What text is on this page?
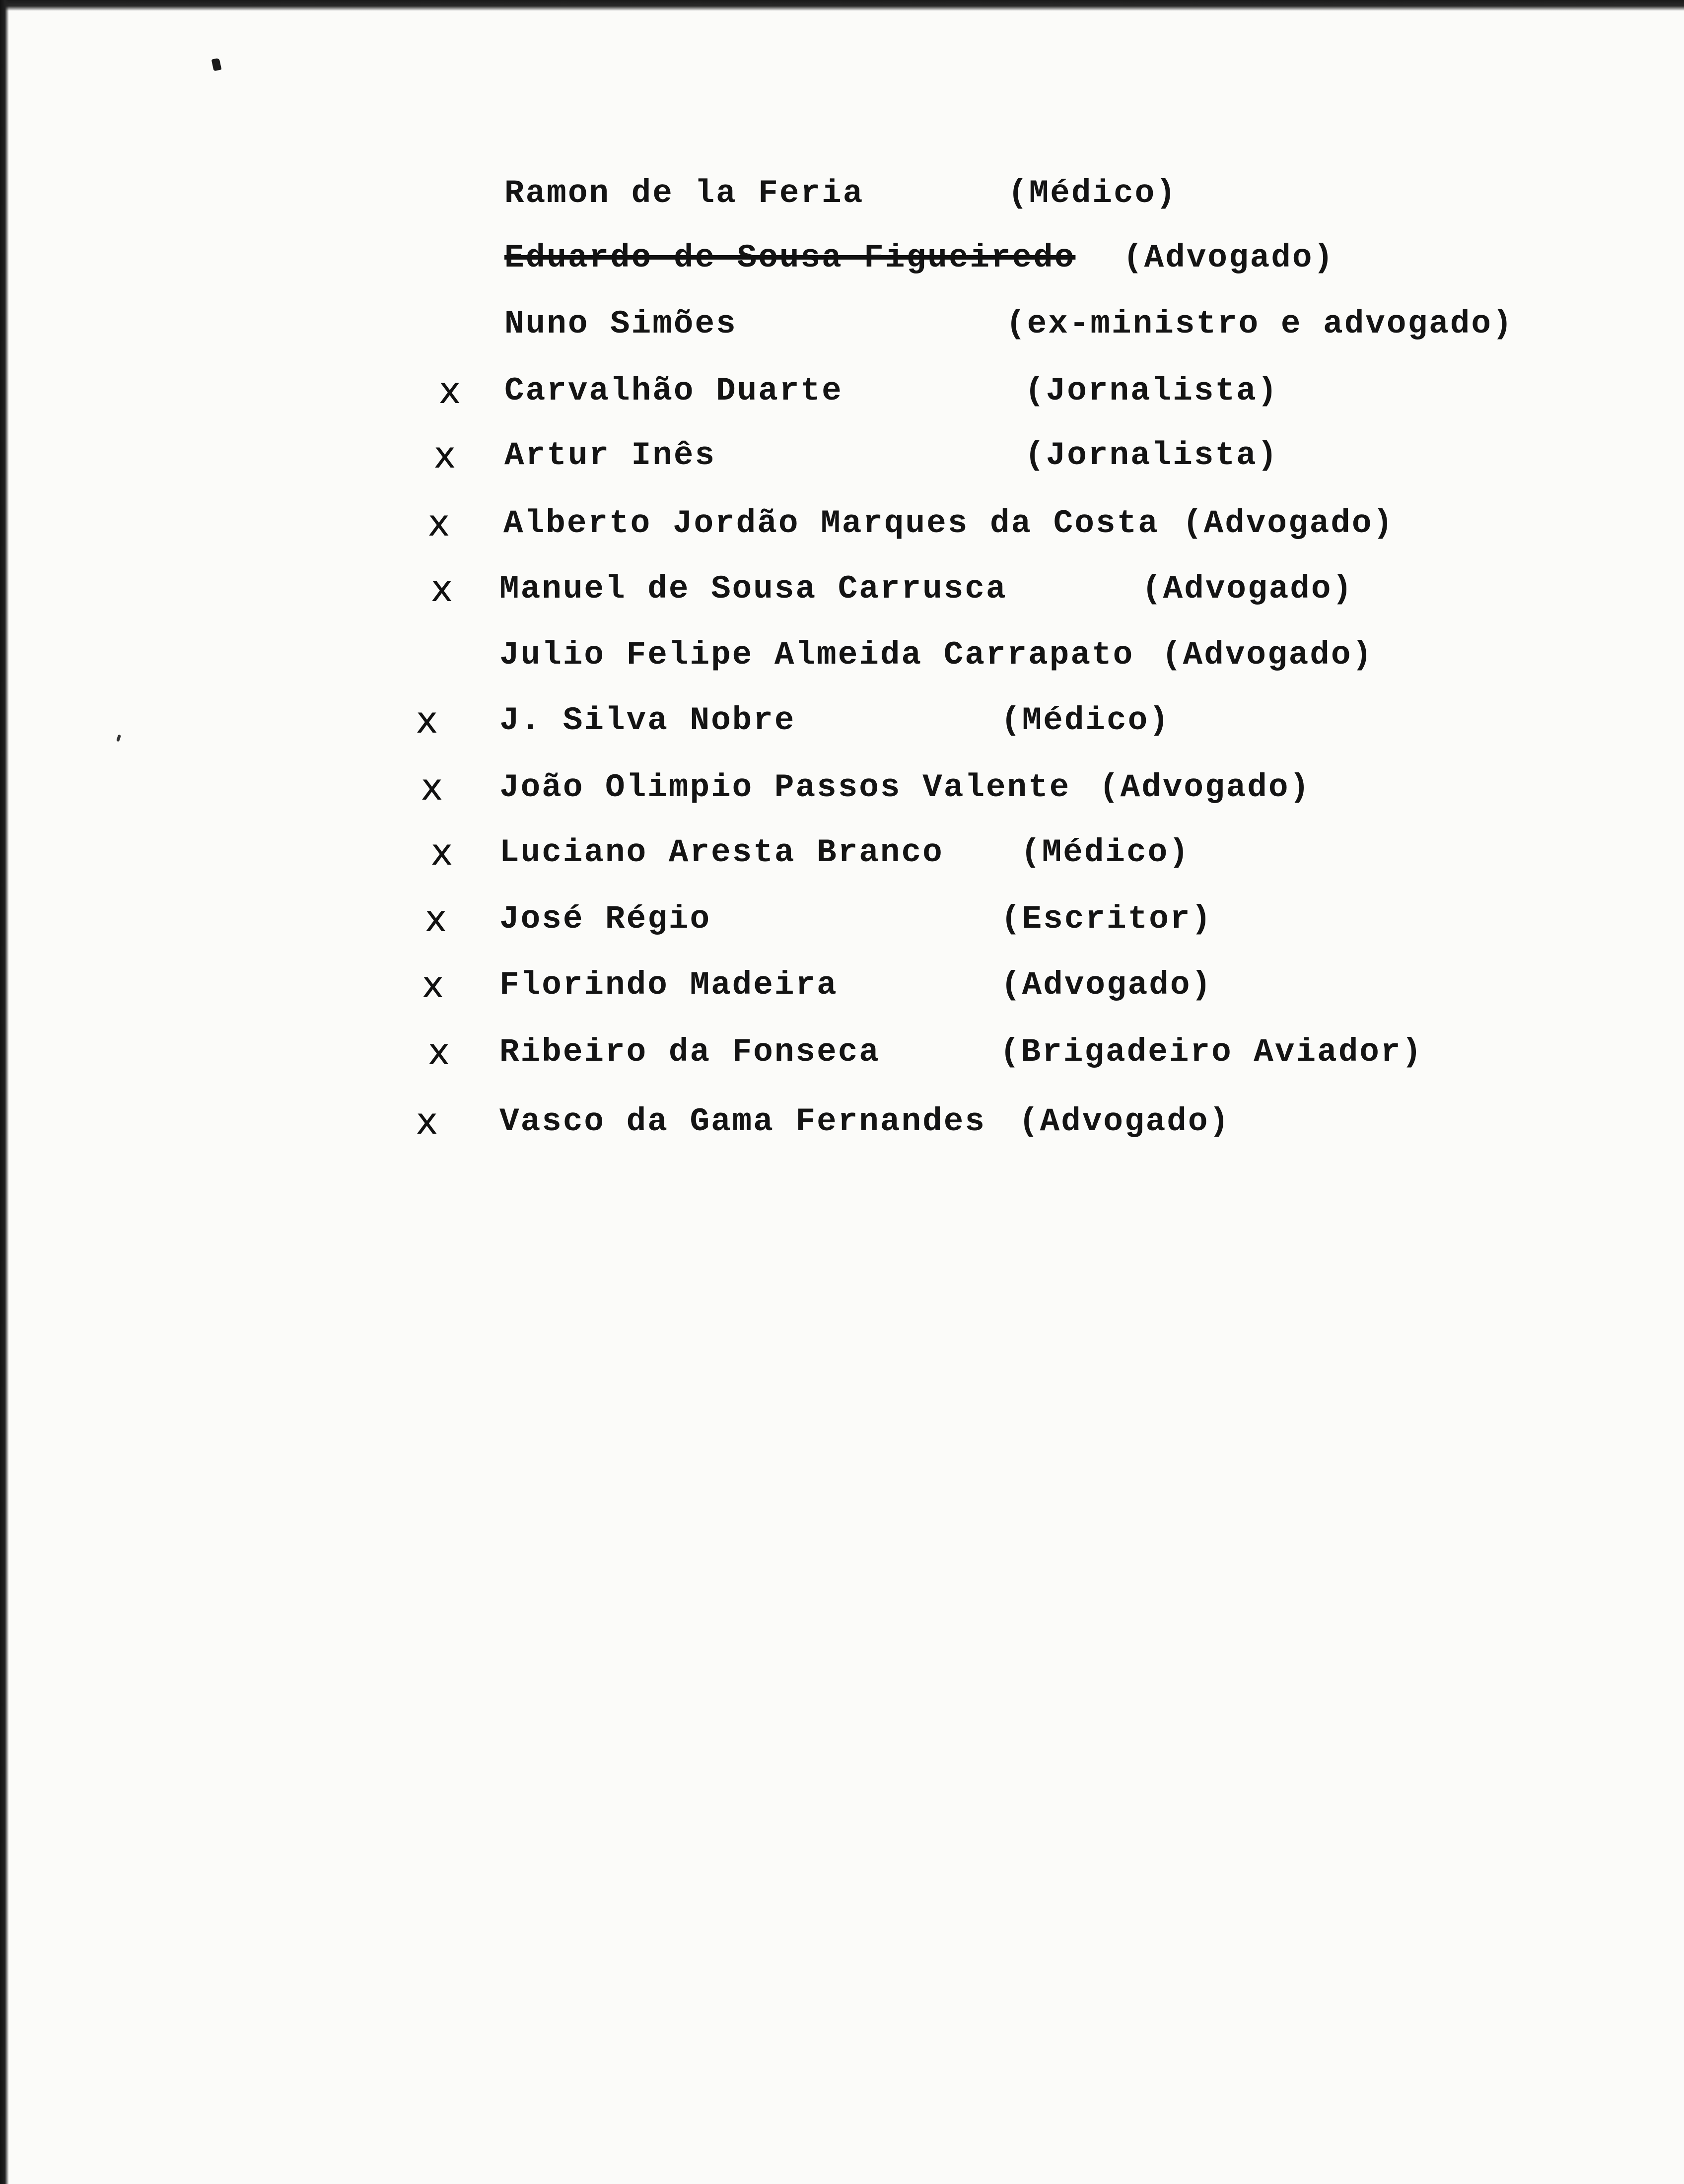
Ramon de la Feria	(Médico)
Eduardo de Sousa Figueiredo (Advogado)
Nuno Simões	(ex-ministro e advogado)
x Carvalhão Duarte	(Jornalista)
x Artur Inês	(Jornalista)
x Alberto Jordão Marques da Costa (Advogado)
x Manuel de Sousa Carrusca	(Advogado)
Julio Felipe Almeida Carrapato (Advogado)
x J. Silva Nobre	(Médico)
x João Olimpio Passos Valente (Advogado)
x Luciano Aresta Branco (Médico)
x José Régio	(Escritor)
x Florindo Madeira	(Advogado)
x Ribeiro da Fonseca	(Brigadeiro Aviador)
x Vasco da Gama Fernandes (Advogado)
